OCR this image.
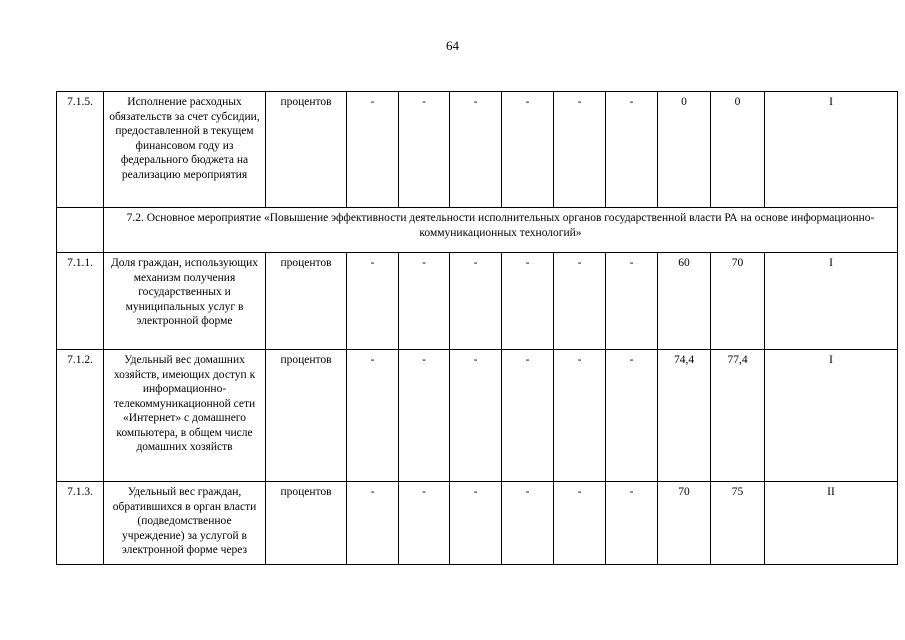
64
7.1.5.	Исполнение расходных обязательств за счет субсидии, предоставленной в текущем финансовом году из федерального бюджета на реализацию мероприятия	процентов	-	-	-	-	-	-	0	0	I
	7.2. Основное мероприятие «Повышение эффективности деятельности исполнительных органов государственной власти РА на основе информационно-коммуникационных технологий»										
7.1.1.	Доля граждан, использующих механизм получения государственных и муниципальных услуг в электронной форме	процентов	-	-	-	-	-	-	60	70	I
7.1.2.	Удельный вес домашних хозяйств, имеющих доступ к информационно-телекоммуникационной сети «Интернет» с домашнего компьютера, в общем числе домашних хозяйств	процентов	-	-	-	-	-	-	74,4	77,4	I
7.1.3.	Удельный вес граждан, обратившихся в орган власти (подведомственное учреждение) за услугой в электронной форме через	процентов	-	-	-	-	-	-	70	75	II
